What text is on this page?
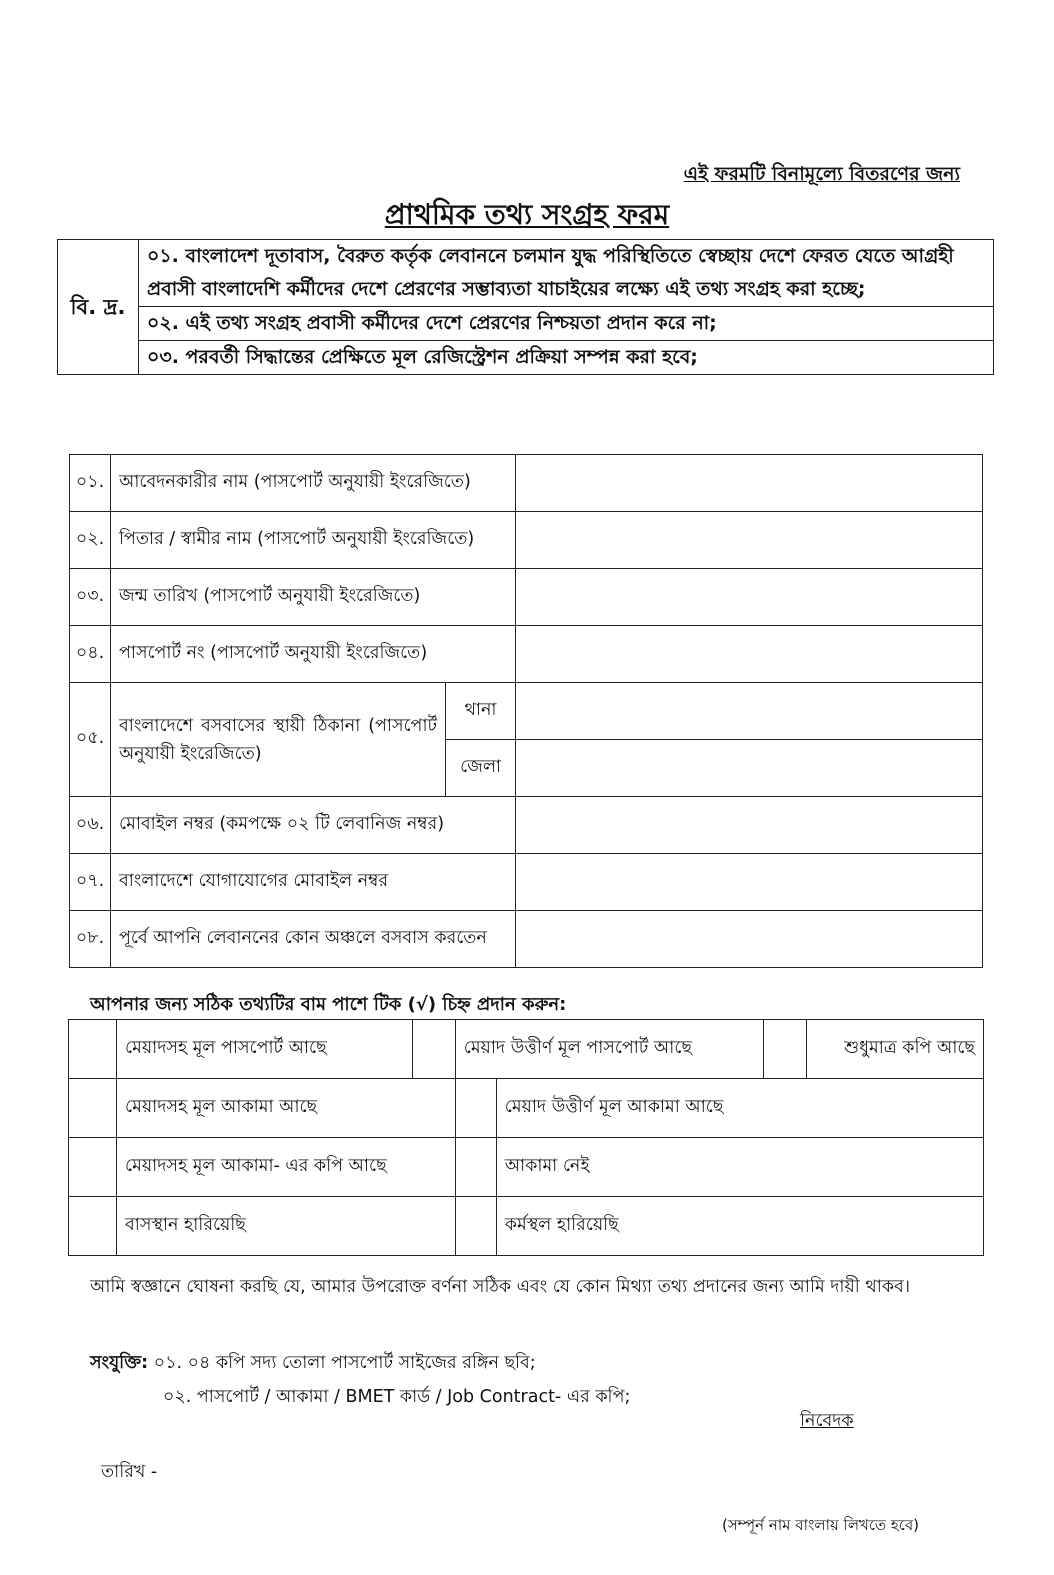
এই ফরমটি বিনামূল্যে বিতরণের জন্য
প্রাথমিক তথ্য সংগ্রহ ফরম
বি. দ্র.	০১. বাংলাদেশ দূতাবাস, বৈরুত কর্তৃক লেবাননে চলমান যুদ্ধ পরিস্থিতিতে স্বেচ্ছায় দেশে ফেরত যেতে আগ্রহী প্রবাসী বাংলাদেশি কর্মীদের দেশে প্রেরণের সম্ভাব্যতা যাচাইয়ের লক্ষ্যে এই তথ্য সংগ্রহ করা হচ্ছে;
০২. এই তথ্য সংগ্রহ প্রবাসী কর্মীদের দেশে প্রেরণের নিশ্চয়তা প্রদান করে না;
০৩. পরবর্তী সিদ্ধান্তের প্রেক্ষিতে মূল রেজিস্ট্রেশন প্রক্রিয়া সম্পন্ন করা হবে;
০১.	আবেদনকারীর নাম (পাসপোর্ট অনুযায়ী ইংরেজিতে)		
০২.	পিতার / স্বামীর নাম (পাসপোর্ট অনুযায়ী ইংরেজিতে)		
০৩.	জন্ম তারিখ (পাসপোর্ট অনুযায়ী ইংরেজিতে)		
০৪.	পাসপোর্ট নং (পাসপোর্ট অনুযায়ী ইংরেজিতে)		
০৫.	বাংলাদেশে বসবাসের স্থায়ী ঠিকানা (পাসপোর্ট অনুযায়ী ইংরেজিতে)	থানা	
		জেলা	
০৬.	মোবাইল নম্বর (কমপক্ষে ০২ টি লেবানিজ নম্বর)		
০৭.	বাংলাদেশে যোগাযোগের মোবাইল নম্বর		
০৮.	পূর্বে আপনি লেবাননের কোন অঞ্চলে বসবাস করতেন		
আপনার জন্য সঠিক তথ্যটির বাম পাশে টিক (√) চিহ্ন প্রদান করুন:
	মেয়াদসহ মূল পাসপোর্ট আছে		মেয়াদ উত্তীর্ণ মূল পাসপোর্ট আছে			শুধুমাত্র কপি আছে
	মেয়াদসহ মূল আকামা আছে			মেয়াদ উত্তীর্ণ মূল আকামা আছে		
	মেয়াদসহ মূল আকামা- এর কপি আছে			আকামা নেই		
	বাসস্থান হারিয়েছি			কর্মস্থল হারিয়েছি		
আমি স্বজ্ঞানে ঘোষনা করছি যে, আমার উপরোক্ত বর্ণনা সঠিক এবং যে কোন মিথ্যা তথ্য প্রদানের জন্য আমি দায়ী থাকব।
সংযুক্তি: ০১. ০৪ কপি সদ্য তোলা পাসপোর্ট সাইজের রঙ্গিন ছবি;
০২. পাসপোর্ট / আকামা / BMET কার্ড / Job Contract- এর কপি;
নিবেদক
তারিখ -
(সম্পূর্ন নাম বাংলায় লিখতে হবে)
